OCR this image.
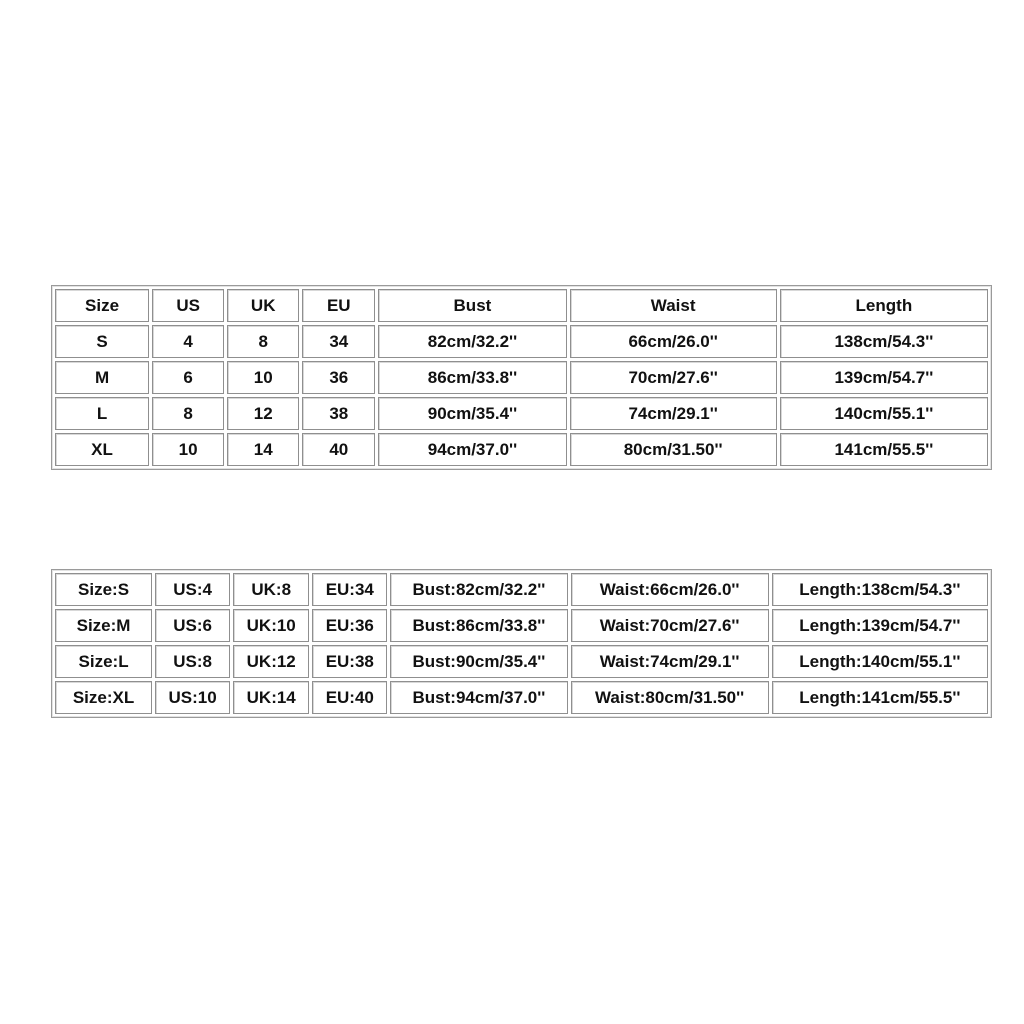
Size	US	UK	EU	Bust	Waist	Length
S	4	8	34	82cm/32.2''	66cm/26.0''	138cm/54.3''
M	6	10	36	86cm/33.8''	70cm/27.6''	139cm/54.7''
L	8	12	38	90cm/35.4''	74cm/29.1''	140cm/55.1''
XL	10	14	40	94cm/37.0''	80cm/31.50''	141cm/55.5''
Size:S	US:4	UK:8	EU:34	Bust:82cm/32.2''	Waist:66cm/26.0''	Length:138cm/54.3''
Size:M	US:6	UK:10	EU:36	Bust:86cm/33.8''	Waist:70cm/27.6''	Length:139cm/54.7''
Size:L	US:8	UK:12	EU:38	Bust:90cm/35.4''	Waist:74cm/29.1''	Length:140cm/55.1''
Size:XL	US:10	UK:14	EU:40	Bust:94cm/37.0''	Waist:80cm/31.50''	Length:141cm/55.5''
